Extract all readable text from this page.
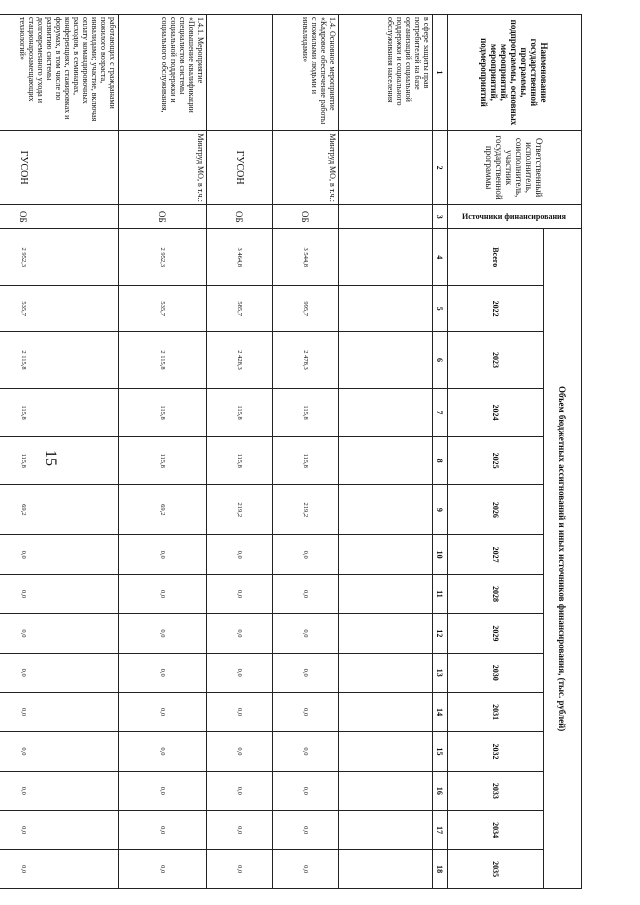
15
Наименование государственной программы, подпрограммы, основных мероприятий, мероприятий, подмероприятий	Ответственный исполнитель, соисполнитель, участник государственной программы	Источники финансирования	Объем бюджетных ассигнований и иных источников финансирования, (тыс. рублей)														
			Всего	2022	2023	2024	2025	2026	2027	2028	2029	2030	2031	2032	2033	2034	2035
1	2	3	4	5	6	7	8	9	10	11	12	13	14	15	16	17	18
в сфере защиты прав потребителей на базе организаций социальной поддержки и социального обслуживания населения																	
1.4. Основное мероприятие «Кадровое обеспечение работы с пожилыми людьми и инвалидами»	Минтруд МО, в т.ч.:	ОБ	3 544,8	995,7	2 478,3	115,8	115,8	219,2	0,0	0,0	0,0	0,0	0,0	0,0	0,0	0,0	0,0
	ГУСОН	ОБ	3 464,8	585,7	2 428,3	115,8	115,8	219,2	0,0	0,0	0,0	0,0	0,0	0,0	0,0	0,0	0,0
1.4.1. Мероприятие «Повышение квалификации специалистов системы социальной поддержки и социального обслуживания,	Минтруд МО, в т.ч.:	ОБ	2 952,3	535,7	2 115,8	115,8	115,8	69,2	0,0	0,0	0,0	0,0	0,0	0,0	0,0	0,0	0,0
работающих с гражданами пожилого возраста, инвалидами; участие, включая оплату командировочных расходов, в семинарах, конференциях, стажировках и форумах, в том числе по развитию системы долговременного ухода и стационарозамещающих технологий»	ГУСОН	ОБ	2 952,3	535,7	2 115,8	115,8	115,8	69,2	0,0	0,0	0,0	0,0	0,0	0,0	0,0	0,0	0,0
